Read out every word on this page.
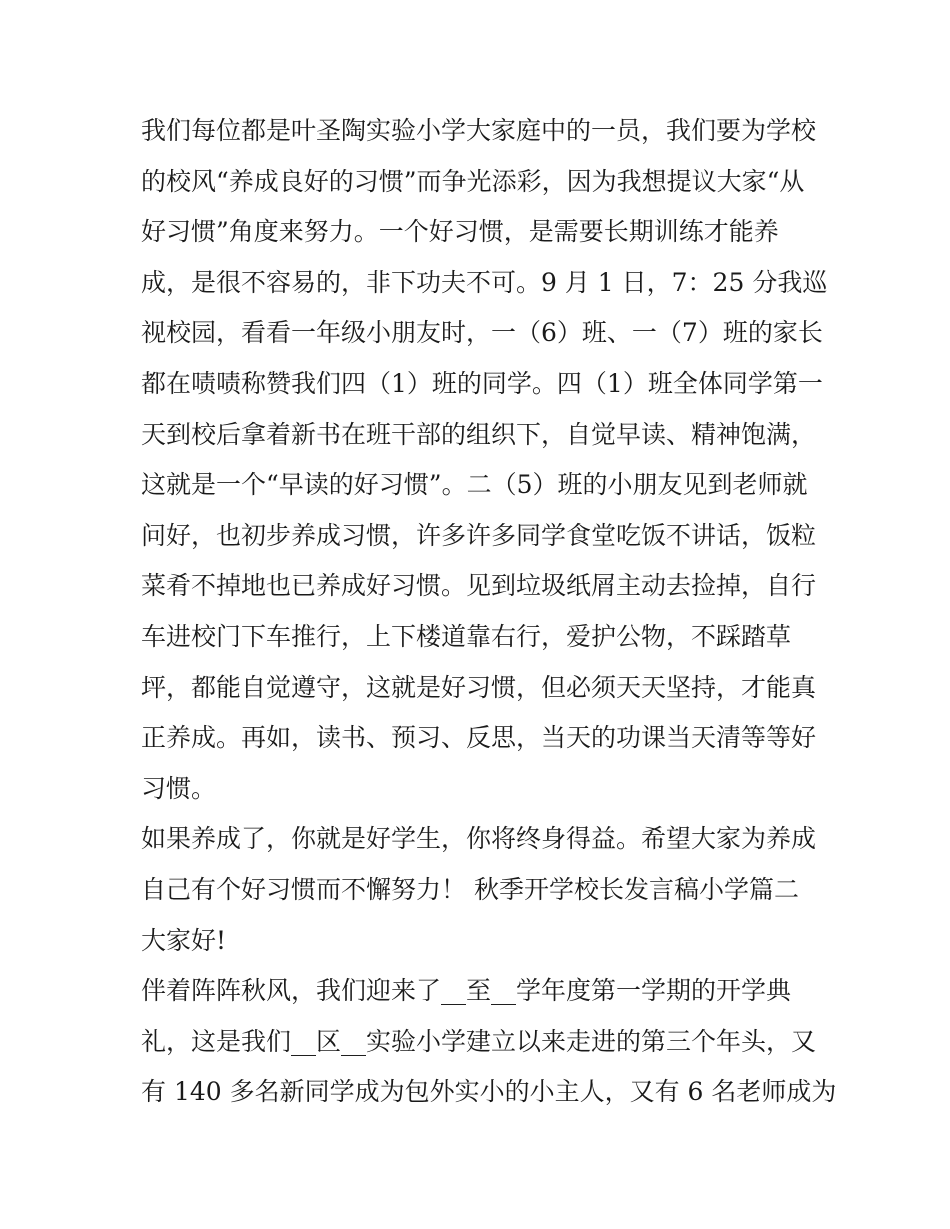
我们每位都是叶圣陶实验小学大家庭中的一员，我们要为学校
的校风“养成良好的习惯”而争光添彩，因为我想提议大家“从
好习惯”角度来努力。一个好习惯，是需要长期训练才能养
成，是很不容易的，非下功夫不可。9 月 1 日，7：25 分我巡
视校园，看看一年级小朋友时，一（6）班、一（7）班的家长
都在啧啧称赞我们四（1）班的同学。四（1）班全体同学第一
天到校后拿着新书在班干部的组织下，自觉早读、精神饱满，
这就是一个“早读的好习惯”。二（5）班的小朋友见到老师就
问好，也初步养成习惯，许多许多同学食堂吃饭不讲话，饭粒
菜肴不掉地也已养成好习惯。见到垃圾纸屑主动去捡掉，自行
车进校门下车推行，上下楼道靠右行，爱护公物，不踩踏草
坪，都能自觉遵守，这就是好习惯，但必须天天坚持，才能真
正养成。再如，读书、预习、反思，当天的功课当天清等等好
习惯。
如果养成了，你就是好学生，你将终身得益。希望大家为养成
自己有个好习惯而不懈努力！ 秋季开学校长发言稿小学篇二
大家好!
伴着阵阵秋风，我们迎来了__至__学年度第一学期的开学典
礼，这是我们__区__实验小学建立以来走进的第三个年头，又
有 140 多名新同学成为包外实小的小主人，又有 6 名老师成为
